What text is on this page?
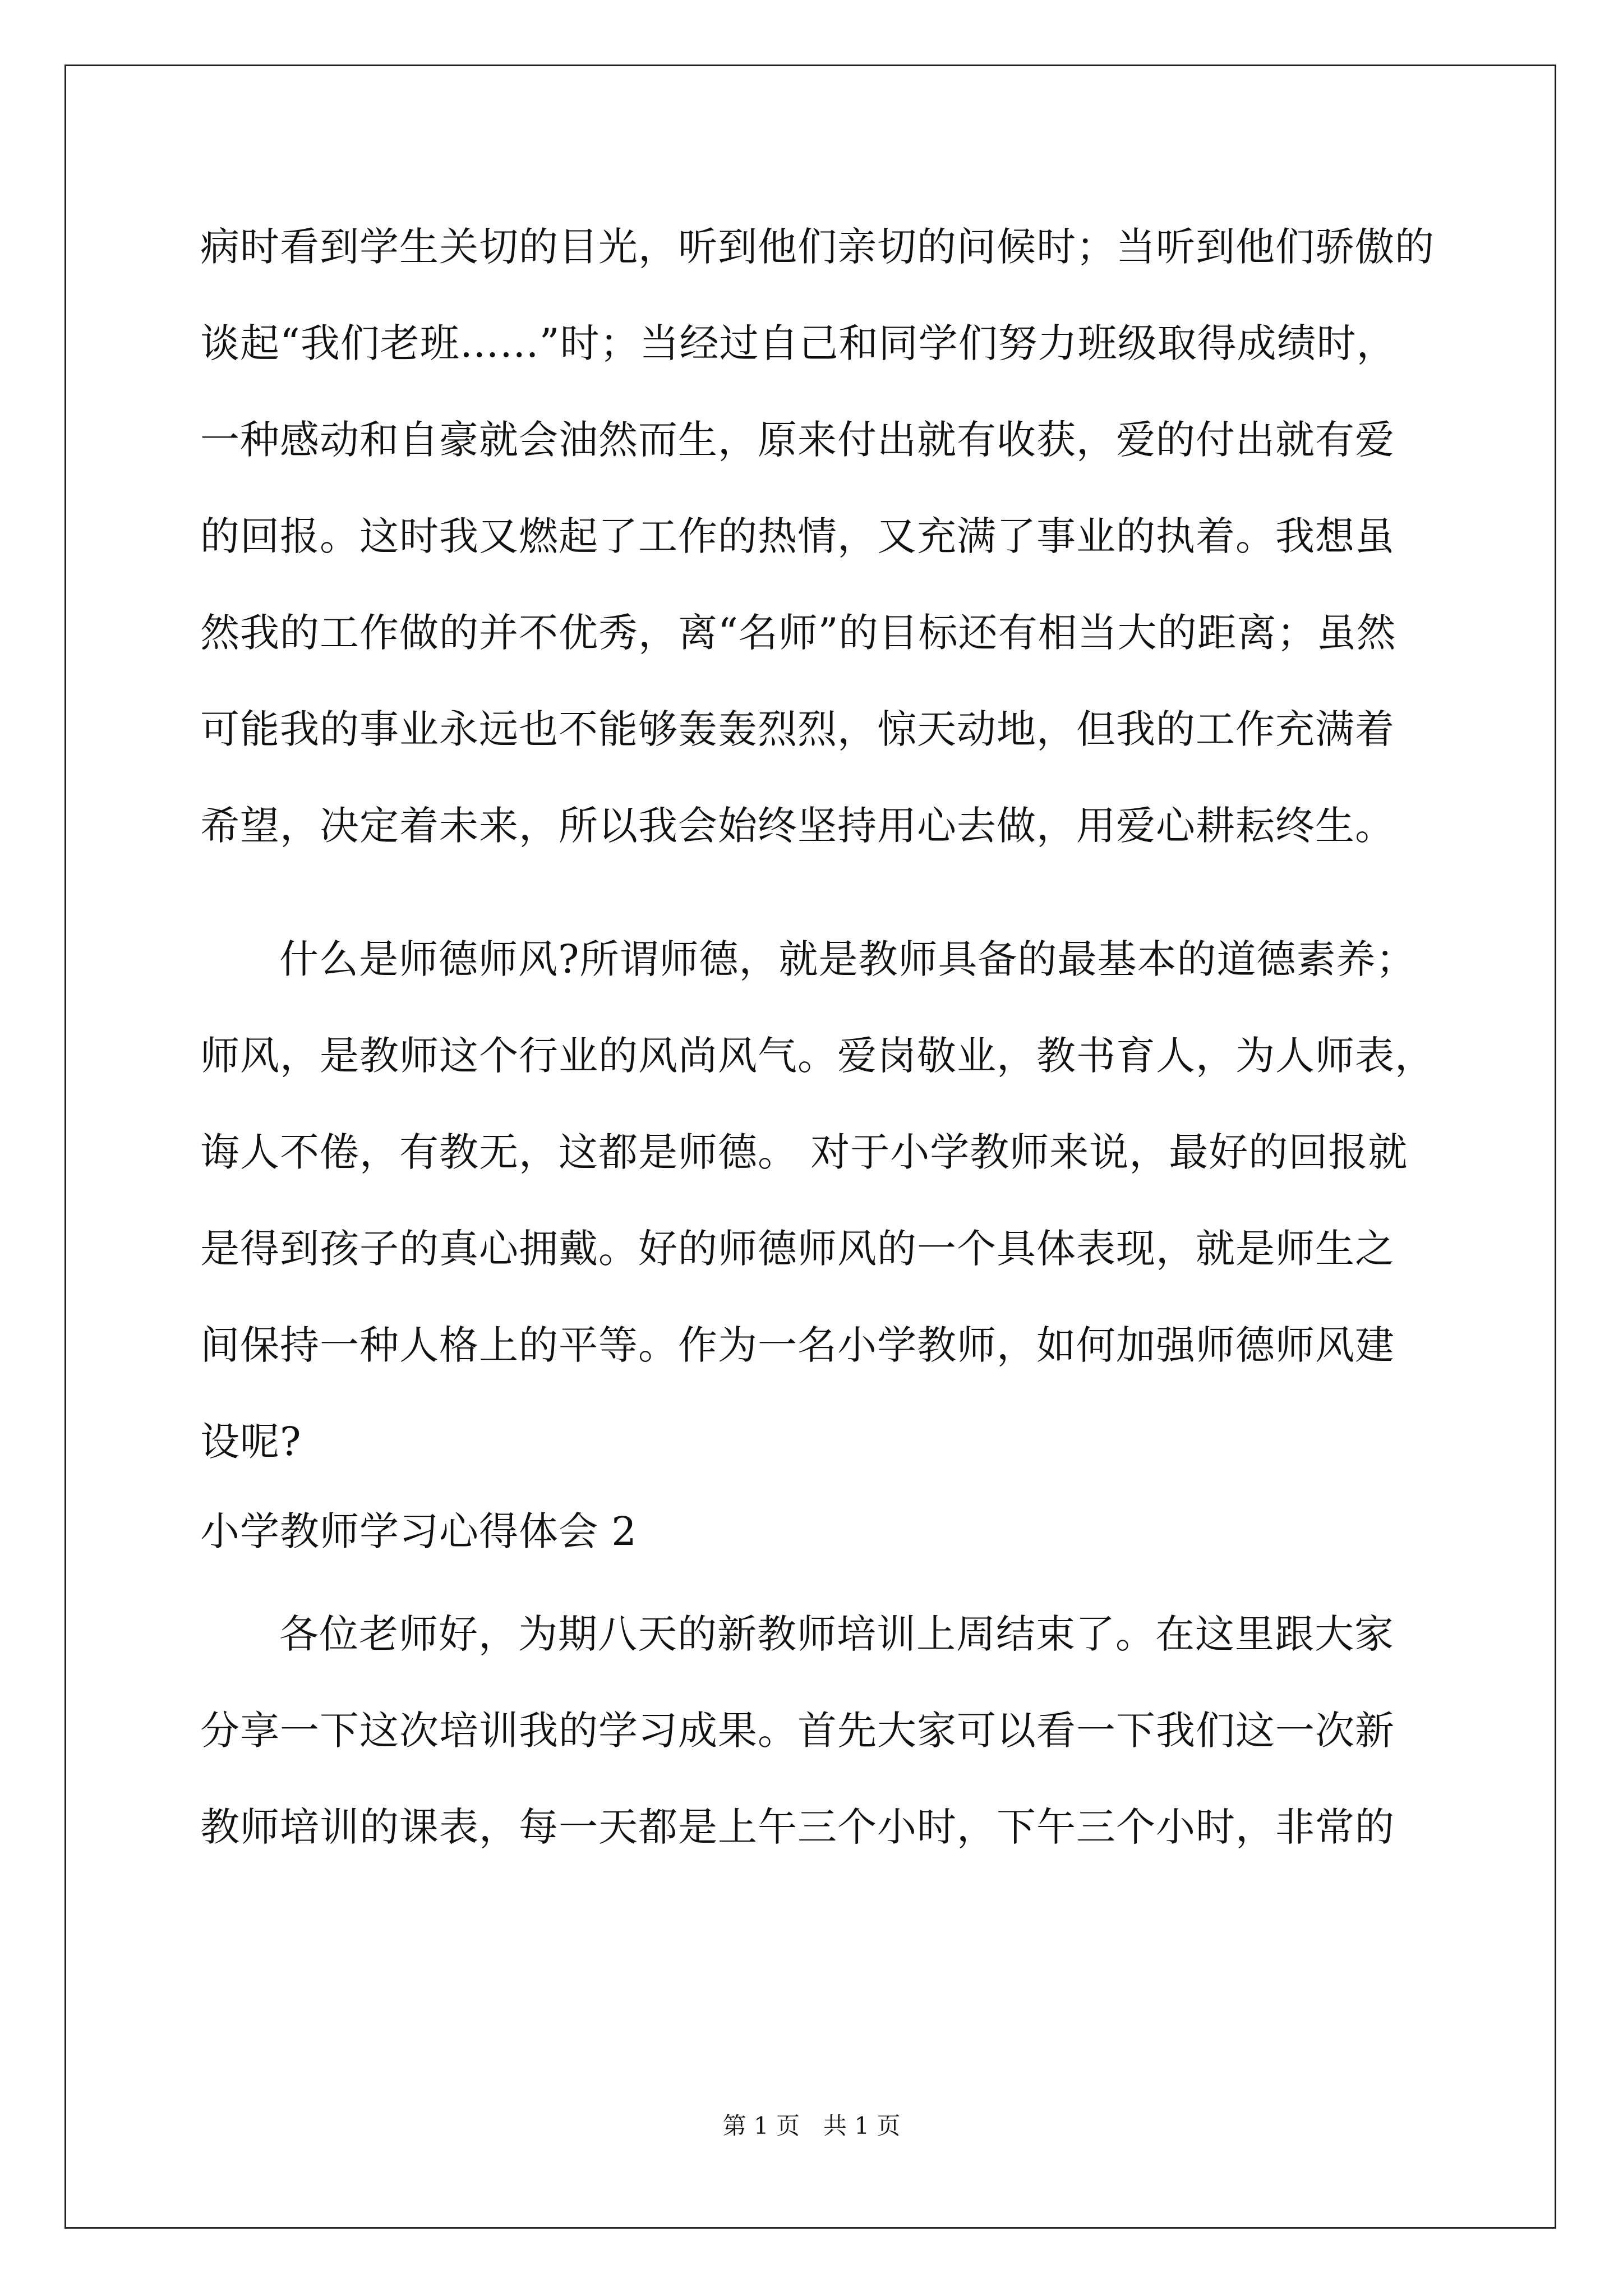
病时看到学生关切的目光，听到他们亲切的问候时；当听到他们骄傲的
谈起“我们老班……”时；当经过自己和同学们努力班级取得成绩时，
一种感动和自豪就会油然而生，原来付出就有收获，爱的付出就有爱
的回报。这时我又燃起了工作的热情，又充满了事业的执着。我想虽
然我的工作做的并不优秀，离“名师”的目标还有相当大的距离；虽然
可能我的事业永远也不能够轰轰烈烈，惊天动地，但我的工作充满着
希望，决定着未来，所以我会始终坚持用心去做，用爱心耕耘终生。
什么是师德师风?所谓师德，就是教师具备的最基本的道德素养；
师风，是教师这个行业的风尚风气。爱岗敬业，教书育人，为人师表，
诲人不倦，有教无，这都是师德。 对于小学教师来说，最好的回报就
是得到孩子的真心拥戴。好的师德师风的一个具体表现，就是师生之
间保持一种人格上的平等。作为一名小学教师，如何加强师德师风建
设呢?
小学教师学习心得体会 2
各位老师好，为期八天的新教师培训上周结束了。在这里跟大家
分享一下这次培训我的学习成果。首先大家可以看一下我们这一次新
教师培训的课表，每一天都是上午三个小时，下午三个小时，非常的
第 1 页　共 1 页
